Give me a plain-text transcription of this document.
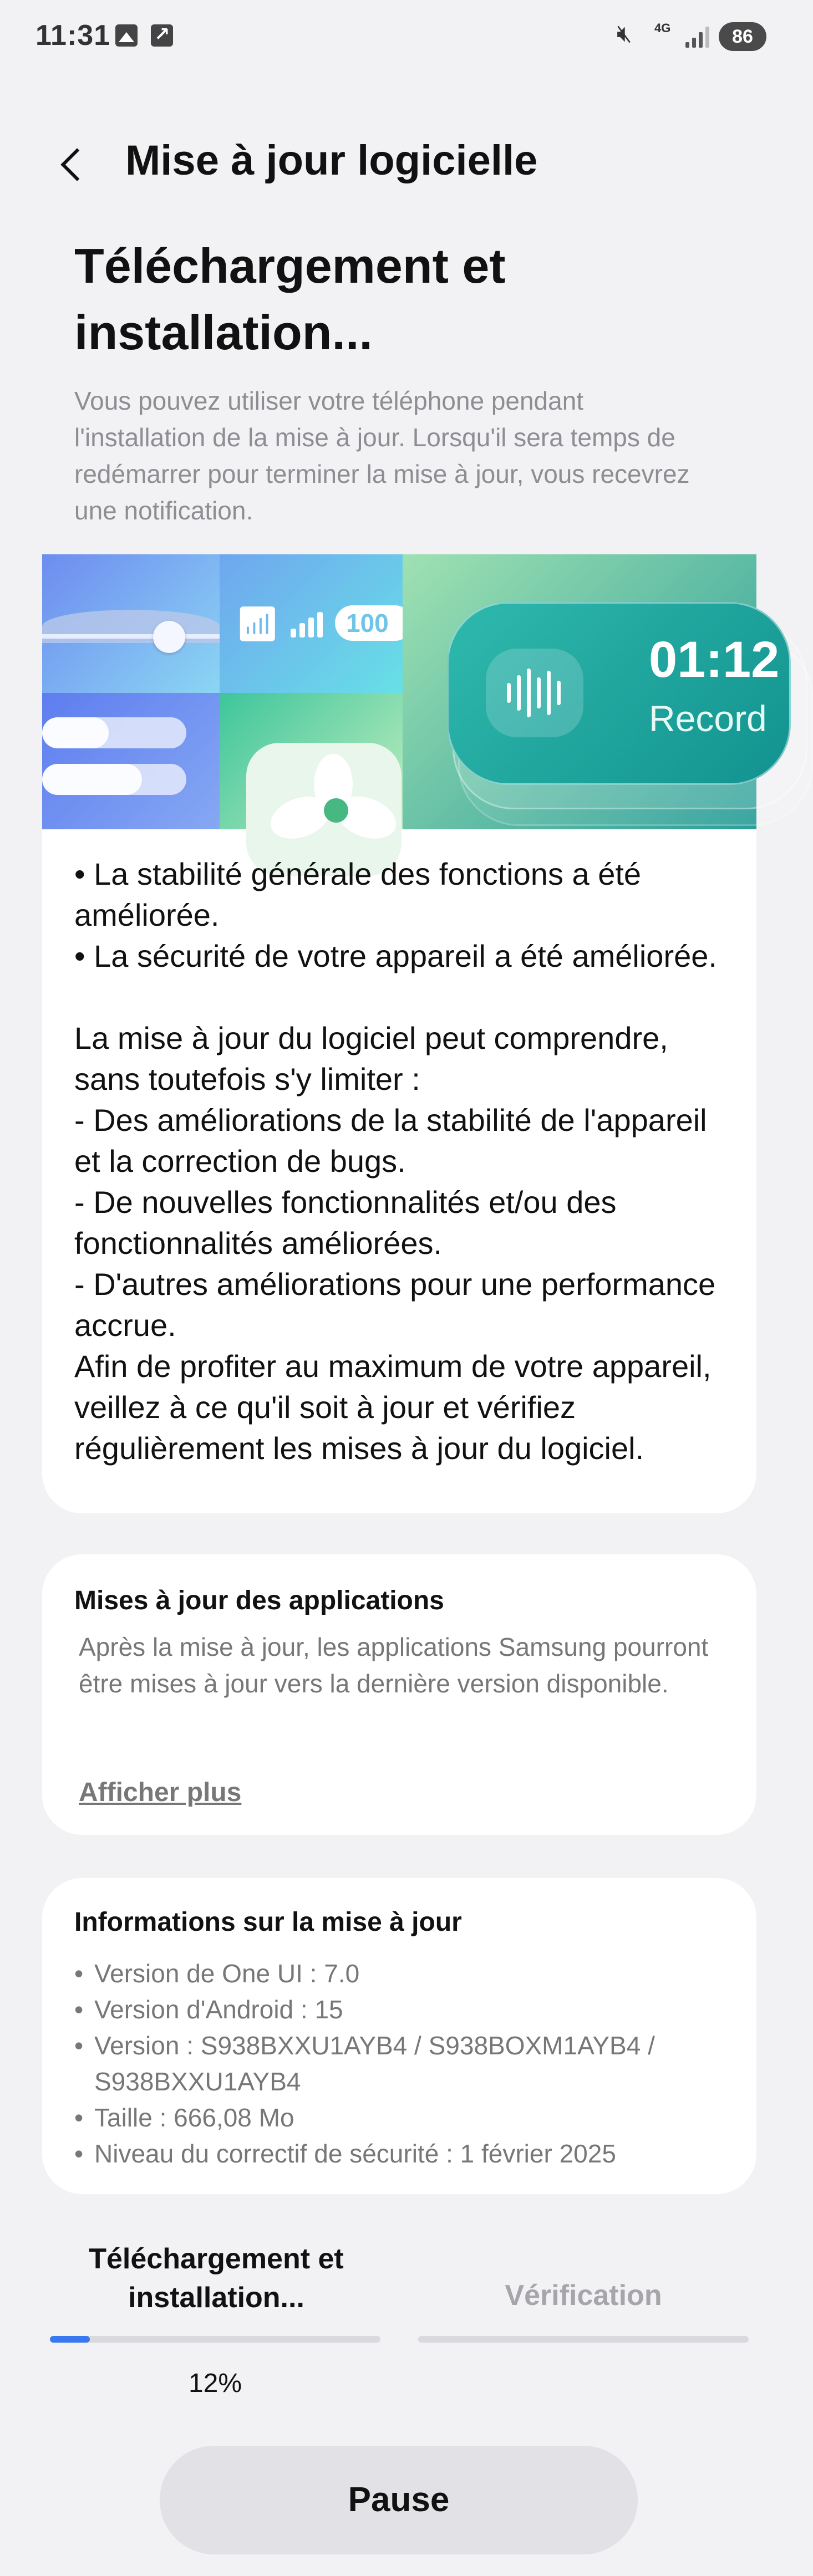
11:31
↗	🔇︎ 4G	86
Mise à jour logicielle
Téléchargement et installation...
Vous pouvez utiliser votre téléphone pendant l'installation de la mise à jour. Lorsqu'il sera temps de redémarrer pour terminer la mise à jour, vous recevrez une notification.
📶︎	100
01:12
Record
• La stabilité générale des fonctions a été améliorée.
• La sécurité de votre appareil a été améliorée.

La mise à jour du logiciel peut comprendre, sans toutefois s'y limiter :
- Des améliorations de la stabilité de l'appareil et la correction de bugs.
- De nouvelles fonctionnalités et/ou des fonctionnalités améliorées.
- D'autres améliorations pour une performance accrue.
Afin de profiter au maximum de votre appareil, veillez à ce qu'il soit à jour et vérifiez régulièrement les mises à jour du logiciel.
Mises à jour des applications
Après la mise à jour, les applications Samsung pourront être mises à jour vers la dernière version disponible.
Afficher plus
Informations sur la mise à jour
• Version de One UI : 7.0
• Version d'Android : 15
• Version : S938BXXU1AYB4 / S938BOXM1AYB4 / S938BXXU1AYB4
• Taille : 666,08 Mo
• Niveau du correctif de sécurité : 1 février 2025
Téléchargement et installation...	Vérification
12%
Pause
